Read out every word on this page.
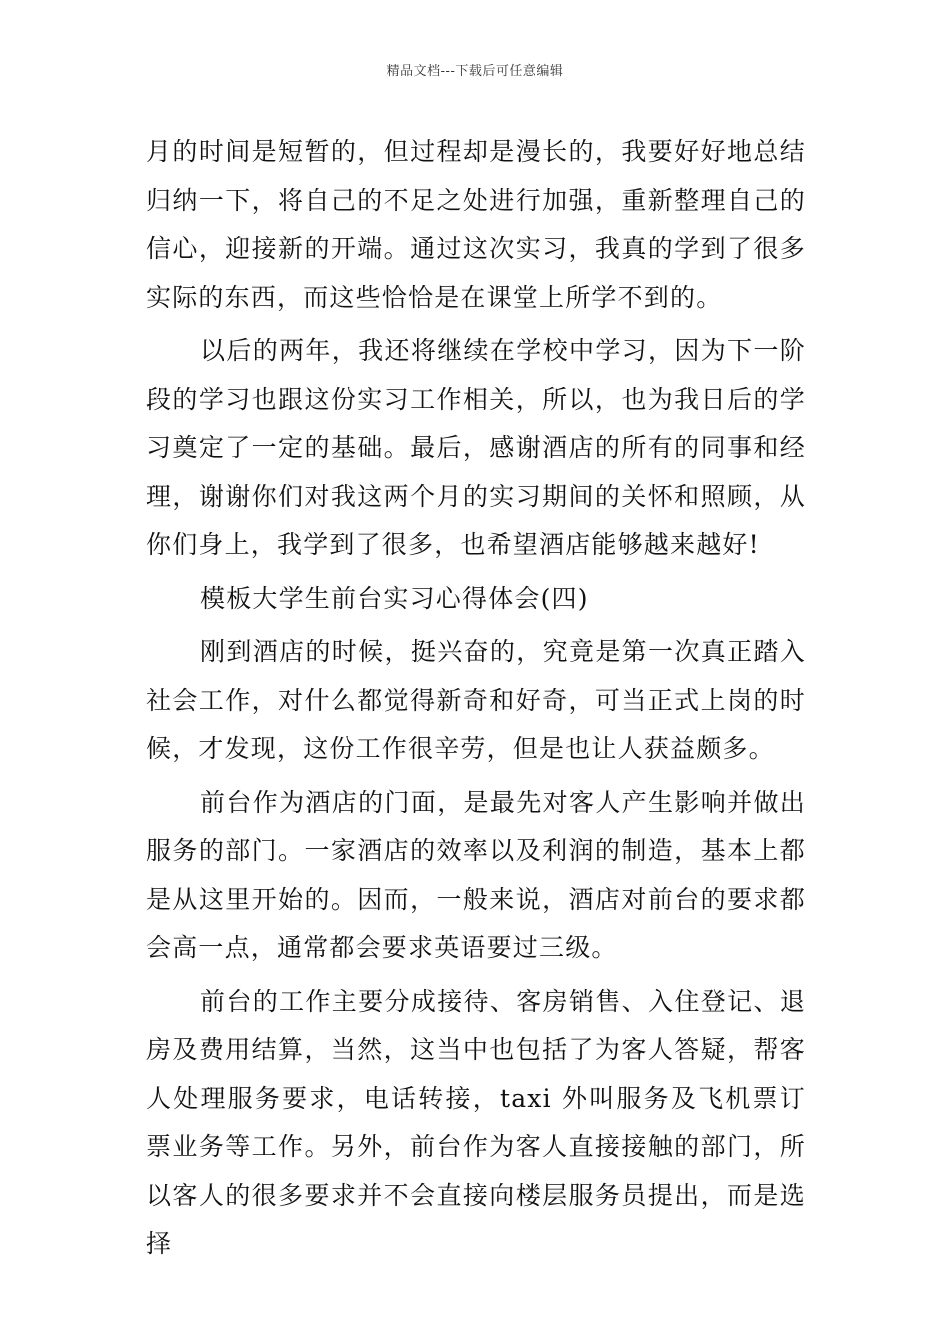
精品文档---下载后可任意编辑

月的时间是短暂的，但过程却是漫长的，我要好好地总结归纳一下，将自己的不足之处进行加强，重新整理自己的信心，迎接新的开端。通过这次实习，我真的学到了很多实际的东西，而这些恰恰是在课堂上所学不到的。

以后的两年，我还将继续在学校中学习，因为下一阶段的学习也跟这份实习工作相关，所以，也为我日后的学习奠定了一定的基础。最后，感谢酒店的所有的同事和经理，谢谢你们对我这两个月的实习期间的关怀和照顾，从你们身上，我学到了很多，也希望酒店能够越来越好!

模板大学生前台实习心得体会(四)

刚到酒店的时候，挺兴奋的，究竟是第一次真正踏入社会工作，对什么都觉得新奇和好奇，可当正式上岗的时候，才发现，这份工作很辛劳，但是也让人获益颇多。

前台作为酒店的门面，是最先对客人产生影响并做出服务的部门。一家酒店的效率以及利润的制造，基本上都是从这里开始的。因而，一般来说，酒店对前台的要求都会高一点，通常都会要求英语要过三级。

前台的工作主要分成接待、客房销售、入住登记、退房及费用结算，当然，这当中也包括了为客人答疑，帮客人处理服务要求，电话转接，taxi 外叫服务及飞机票订票业务等工作。另外，前台作为客人直接接触的部门，所以客人的很多要求并不会直接向楼层服务员提出，而是选择
